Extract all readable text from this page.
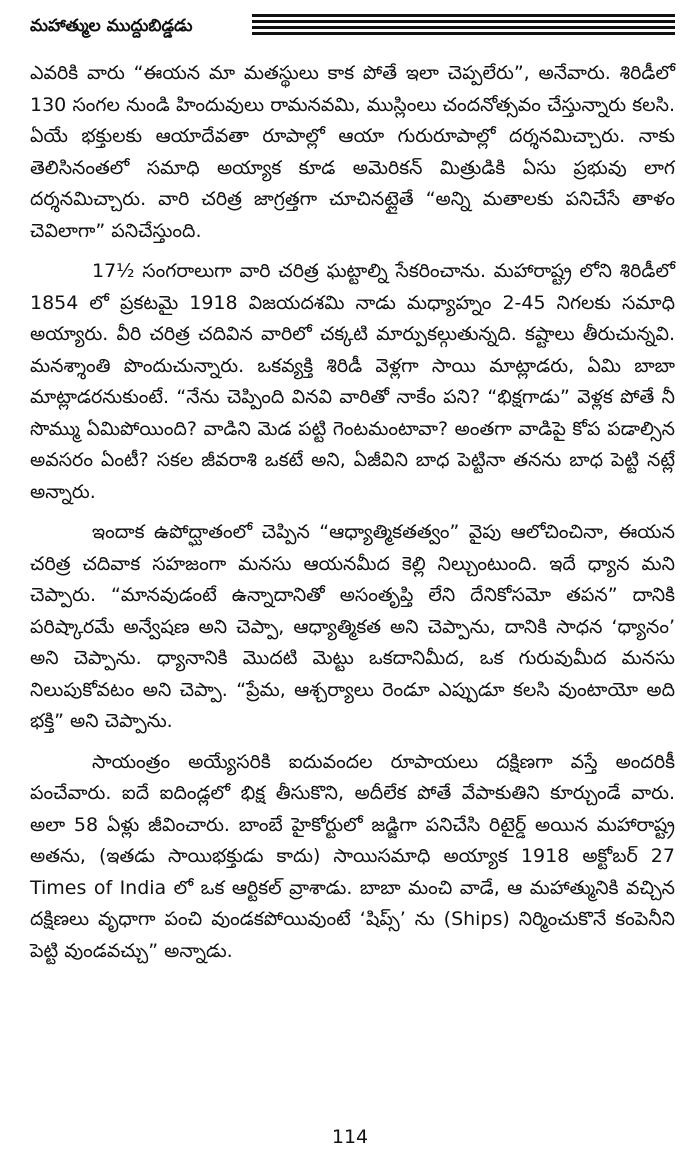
మహాత్ముల ముద్దుబిడ్డడు

ఎవరికి వారు “ఈయన మా మతస్థులు కాక పోతే ఇలా చెప్పలేరు”, అనేవారు. శిరిడీలో 130 సంగల నుండి హిందువులు రామనవమి, ముస్లింలు చందనోత్సవం చేస్తున్నారు కలసి. ఏయే భక్తులకు ఆయాదేవతా రూపాల్లో ఆయా గురురూపాల్లో దర్శనమిచ్చారు. నాకు తెలిసినంతలో సమాధి అయ్యాక కూడ అమెరికన్ మిత్రుడికి ఏసు ప్రభువు లాగ దర్శనమిచ్చారు. వారి చరిత్ర జాగ్రత్తగా చూచినట్లైతే “అన్ని మతాలకు పనిచేసే తాళం చెవిలాగా” పనిచేస్తుంది.

17½ సంగరాలుగా వారి చరిత్ర ఘట్టాల్ని సేకరించాను. మహారాష్ట్ర లోని శిరిడీలో 1854 లో ప్రకటమై 1918 విజయదశమి నాడు మధ్యాహ్నం 2-45 నిగలకు సమాధి అయ్యారు. వీరి చరిత్ర చదివిన వారిలో చక్కటి మార్పుకల్గుతున్నది. కష్టాలు తీరుచున్నవి. మనశ్శాంతి పొందుచున్నారు. ఒకవ్యక్తి శిరిడీ వెళ్లగా సాయి మాట్లాడరు, ఏమి బాబా మాట్లాడరనుకుంటే. “నేను చెప్పింది వినవి వారితో నాకేం పని? “భిక్షగాడు” వెళ్లక పోతే నీ సొమ్ము ఏమిపోయింది? వాడిని మెడ పట్టి గెంటమంటావా? అంతగా వాడిపై కోప పడాల్సిన అవసరం ఏంటీ? సకల జీవరాశి ఒకటే అని, ఏజీవిని బాధ పెట్టినా తనను బాధ పెట్టి నట్లే అన్నారు.

ఇందాక ఉపోద్ఘాతంలో చెప్పిన “ఆధ్యాత్మికతత్వం” వైపు ఆలోచించినా, ఈయన చరిత్ర చదివాక సహజంగా మనసు ఆయనమీద కెల్లి నిల్చుంటుంది. ఇదే ధ్యాన మని చెప్పారు. “మానవుడంటే ఉన్నాదానితో అసంతృప్తి లేని దేనికోసమో తపన” దానికి పరిష్కారమే అన్వేషణ అని చెప్పా, ఆధ్యాత్మికత అని చెప్పాను, దానికి సాధన ‘ధ్యానం’ అని చెప్పాను. ధ్యానానికి మొదటి మెట్టు ఒకదానిమీద, ఒక గురువుమీద మనసు నిలుపుకోవటం అని చెప్పా. “ప్రేమ, ఆశ్చర్యాలు రెండూ ఎప్పుడూ కలసి వుంటాయో అది భక్తి” అని చెప్పాను.

సాయంత్రం అయ్యేసరికి ఐదువందల రూపాయలు దక్షిణగా వస్తే అందరికీ పంచేవారు. ఐదే ఐదిండ్లలో భిక్ష తీసుకొని, అదీలేక పోతే వేపాకుతిని కూర్చుండే వారు. అలా 58 ఏళ్లు జీవించారు. బాంబే హైకోర్టులో జడ్జిగా పనిచేసి రిటైర్డ్ అయిన మహారాష్ట్ర అతను, (ఇతడు సాయిభక్తుడు కాదు) సాయిసమాధి అయ్యాక 1918 అక్టోబర్ 27 Times of India లో ఒక ఆర్టికల్ వ్రాశాడు. బాబా మంచి వాడే, ఆ మహాత్మునికి వచ్చిన దక్షిణలు వృధాగా పంచి వుండకపోయివుంటే ‘షిప్స్’ ను (Ships) నిర్మించుకొనే కంపెనీని పెట్టి వుండవచ్చు” అన్నాడు.

114
